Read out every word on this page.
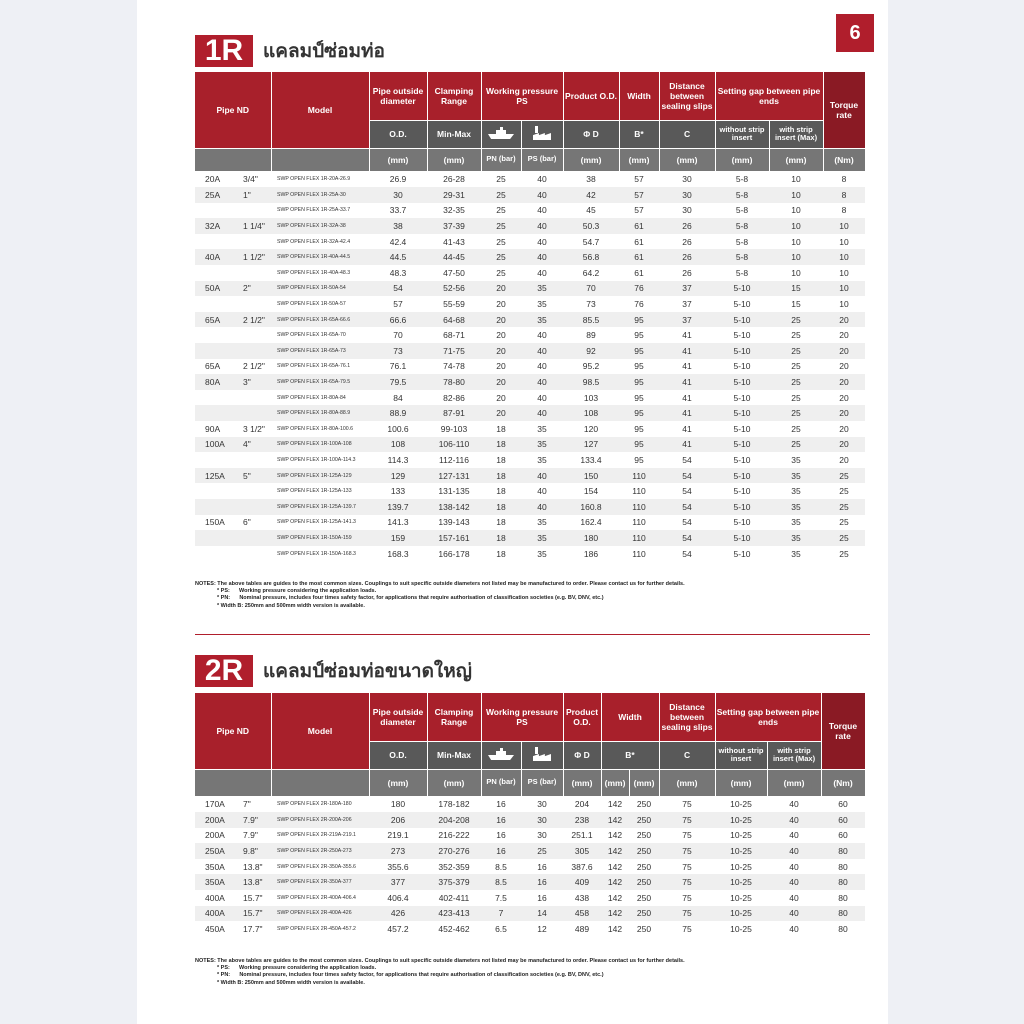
6
1R	แคลมป์ซ่อมท่อ
Pipe ND		Model	Pipe outside diameter	Clamping Range	Working pressure PS		Product O.D.	Width	Distance between sealing slips	Setting gap between pipe ends		Torque rate
			O.D.	Min-Max			Φ D	B*	C	without strip insert	with strip insert (Max)	
			(mm)	(mm)	PN (bar)	PS (bar)	(mm)	(mm)	(mm)	(mm)	(mm)	(Nm)
20A	3/4"	SWP OPEN FLEX 1R-20A-26.9	26.9	26-28	25	40	38	57	30	5-8	10	8
25A	1"	SWP OPEN FLEX 1R-25A-30	30	29-31	25	40	42	57	30	5-8	10	8
		SWP OPEN FLEX 1R-25A-33.7	33.7	32-35	25	40	45	57	30	5-8	10	8
32A	1 1/4"	SWP OPEN FLEX 1R-32A-38	38	37-39	25	40	50.3	61	26	5-8	10	10
		SWP OPEN FLEX 1R-32A-42.4	42.4	41-43	25	40	54.7	61	26	5-8	10	10
40A	1 1/2"	SWP OPEN FLEX 1R-40A-44.5	44.5	44-45	25	40	56.8	61	26	5-8	10	10
		SWP OPEN FLEX 1R-40A-48.3	48.3	47-50	25	40	64.2	61	26	5-8	10	10
50A	2"	SWP OPEN FLEX 1R-50A-54	54	52-56	20	35	70	76	37	5-10	15	10
		SWP OPEN FLEX 1R-50A-57	57	55-59	20	35	73	76	37	5-10	15	10
65A	2 1/2"	SWP OPEN FLEX 1R-65A-66.6	66.6	64-68	20	35	85.5	95	37	5-10	25	20
		SWP OPEN FLEX 1R-65A-70	70	68-71	20	40	89	95	41	5-10	25	20
		SWP OPEN FLEX 1R-65A-73	73	71-75	20	40	92	95	41	5-10	25	20
65A	2 1/2"	SWP OPEN FLEX 1R-65A-76.1	76.1	74-78	20	40	95.2	95	41	5-10	25	20
80A	3"	SWP OPEN FLEX 1R-65A-79.5	79.5	78-80	20	40	98.5	95	41	5-10	25	20
		SWP OPEN FLEX 1R-80A-84	84	82-86	20	40	103	95	41	5-10	25	20
		SWP OPEN FLEX 1R-80A-88.9	88.9	87-91	20	40	108	95	41	5-10	25	20
90A	3 1/2"	SWP OPEN FLEX 1R-80A-100.6	100.6	99-103	18	35	120	95	41	5-10	25	20
100A	4"	SWP OPEN FLEX 1R-100A-108	108	106-110	18	35	127	95	41	5-10	25	20
		SWP OPEN FLEX 1R-100A-114.3	114.3	112-116	18	35	133.4	95	54	5-10	35	20
125A	5"	SWP OPEN FLEX 1R-125A-129	129	127-131	18	40	150	110	54	5-10	35	25
		SWP OPEN FLEX 1R-125A-133	133	131-135	18	40	154	110	54	5-10	35	25
		SWP OPEN FLEX 1R-125A-139.7	139.7	138-142	18	40	160.8	110	54	5-10	35	25
150A	6"	SWP OPEN FLEX 1R-125A-141.3	141.3	139-143	18	35	162.4	110	54	5-10	35	25
		SWP OPEN FLEX 1R-150A-159	159	157-161	18	35	180	110	54	5-10	35	25
		SWP OPEN FLEX 1R-150A-168.3	168.3	166-178	18	35	186	110	54	5-10	35	25
NOTES: The above tables are guides to the most common sizes. Couplings to suit specific outside diameters not listed may be manufactured to order. Please contact us for further details.
* PS: Working pressure considering the application loads.
* PN: Nominal pressure, includes four times safety factor, for applications that require authorisation of classification societies (e.g. BV, DNV, etc.)
* Width B: 250mm and 500mm width version is available.
2R	แคลมป์ซ่อมท่อขนาดใหญ่
Pipe ND		Model	Pipe outside diameter	Clamping Range	Working pressure PS		Product O.D.	Width		Distance between sealing slips	Setting gap between pipe ends		Torque rate
			O.D.	Min-Max			Φ D	B*		C	without strip insert	with strip insert (Max)	
			(mm)	(mm)	PN (bar)	PS (bar)	(mm)	(mm)	(mm)	(mm)	(mm)	(mm)	(Nm)
170A	7"	SWP OPEN FLEX 2R-180A-180	180	178-182	16	30	204	142	250	75	10-25	40	60
200A	7.9"	SWP OPEN FLEX 2R-200A-206	206	204-208	16	30	238	142	250	75	10-25	40	60
200A	7.9"	SWP OPEN FLEX 2R-219A-219.1	219.1	216-222	16	30	251.1	142	250	75	10-25	40	60
250A	9.8"	SWP OPEN FLEX 2R-250A-273	273	270-276	16	25	305	142	250	75	10-25	40	80
350A	13.8"	SWP OPEN FLEX 2R-350A-355.6	355.6	352-359	8.5	16	387.6	142	250	75	10-25	40	80
350A	13.8"	SWP OPEN FLEX 2R-350A-377	377	375-379	8.5	16	409	142	250	75	10-25	40	80
400A	15.7"	SWP OPEN FLEX 2R-400A-406.4	406.4	402-411	7.5	16	438	142	250	75	10-25	40	80
400A	15.7"	SWP OPEN FLEX 2R-400A-426	426	423-413	7	14	458	142	250	75	10-25	40	80
450A	17.7"	SWP OPEN FLEX 2R-450A-457.2	457.2	452-462	6.5	12	489	142	250	75	10-25	40	80
NOTES: The above tables are guides to the most common sizes. Couplings to suit specific outside diameters not listed may be manufactured to order. Please contact us for further details.
* PS: Working pressure considering the application loads.
* PN: Nominal pressure, includes four times safety factor, for applications that require authorisation of classification societies (e.g. BV, DNV, etc.)
* Width B: 250mm and 500mm width version is available.
